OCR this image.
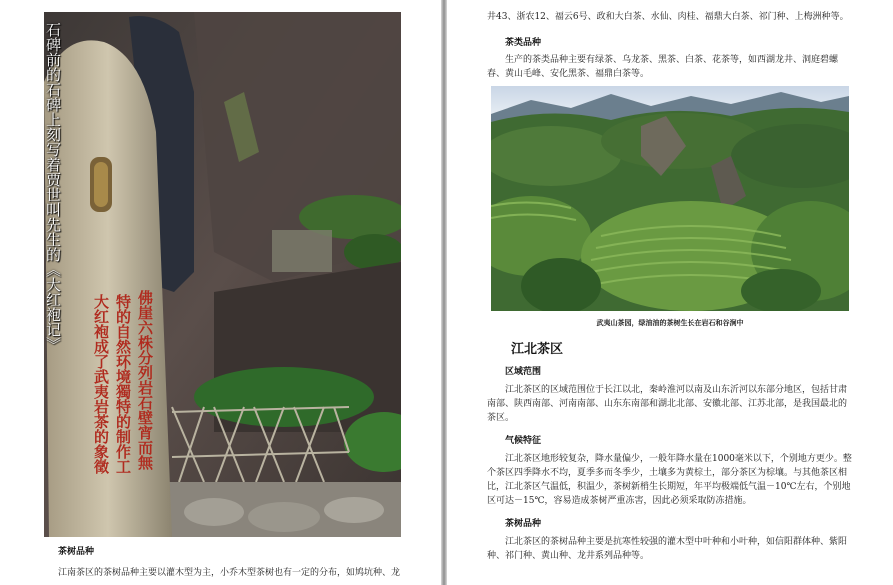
石碑前的石碑上刻写着贾世叫先生的《大红袍记》
佛崖六株分列岩石壁宵而無
特的自然环境獨特的制作工
大红袍成了武夷岩茶的象徵
茶树品种
江南茶区的茶树品种主要以灌木型为主，小乔木型茶树也有一定的分布，如鸠坑种、龙
井43、浙农12、福云6号、政和大白茶、水仙、肉桂、福鼎大白茶、祁门种、上梅洲种等。
茶类品种
生产的茶类品种主要有绿茶、乌龙茶、黑茶、白茶、花茶等，如西湖龙井、洞庭碧螺
春、黄山毛峰、安化黑茶、福鼎白茶等。
武夷山茶园，绿油油的茶树生长在岩石和谷涧中
江北茶区
区域范围
江北茶区的区域范围位于长江以北，秦岭淮河以南及山东沂河以东部分地区，包括甘肃
南部、陕西南部、河南南部、山东东南部和湖北北部、安徽北部、江苏北部，是我国最北的
茶区。
气候特征
江北茶区地形较复杂，降水量偏少，一般年降水量在1000毫米以下，个别地方更少。整
个茶区四季降水不均，夏季多而冬季少，土壤多为黄棕土，部分茶区为棕壤。与其他茶区相
比，江北茶区气温低，积温少，茶树新梢生长期短，年平均极端低气温－10℃左右，个别地
区可达－15℃，容易造成茶树严重冻害，因此必须采取防冻措施。
茶树品种
江北茶区的茶树品种主要是抗寒性较强的灌木型中叶种和小叶种，如信阳群体种、紫阳
种、祁门种、黄山种、龙井系列品种等。
